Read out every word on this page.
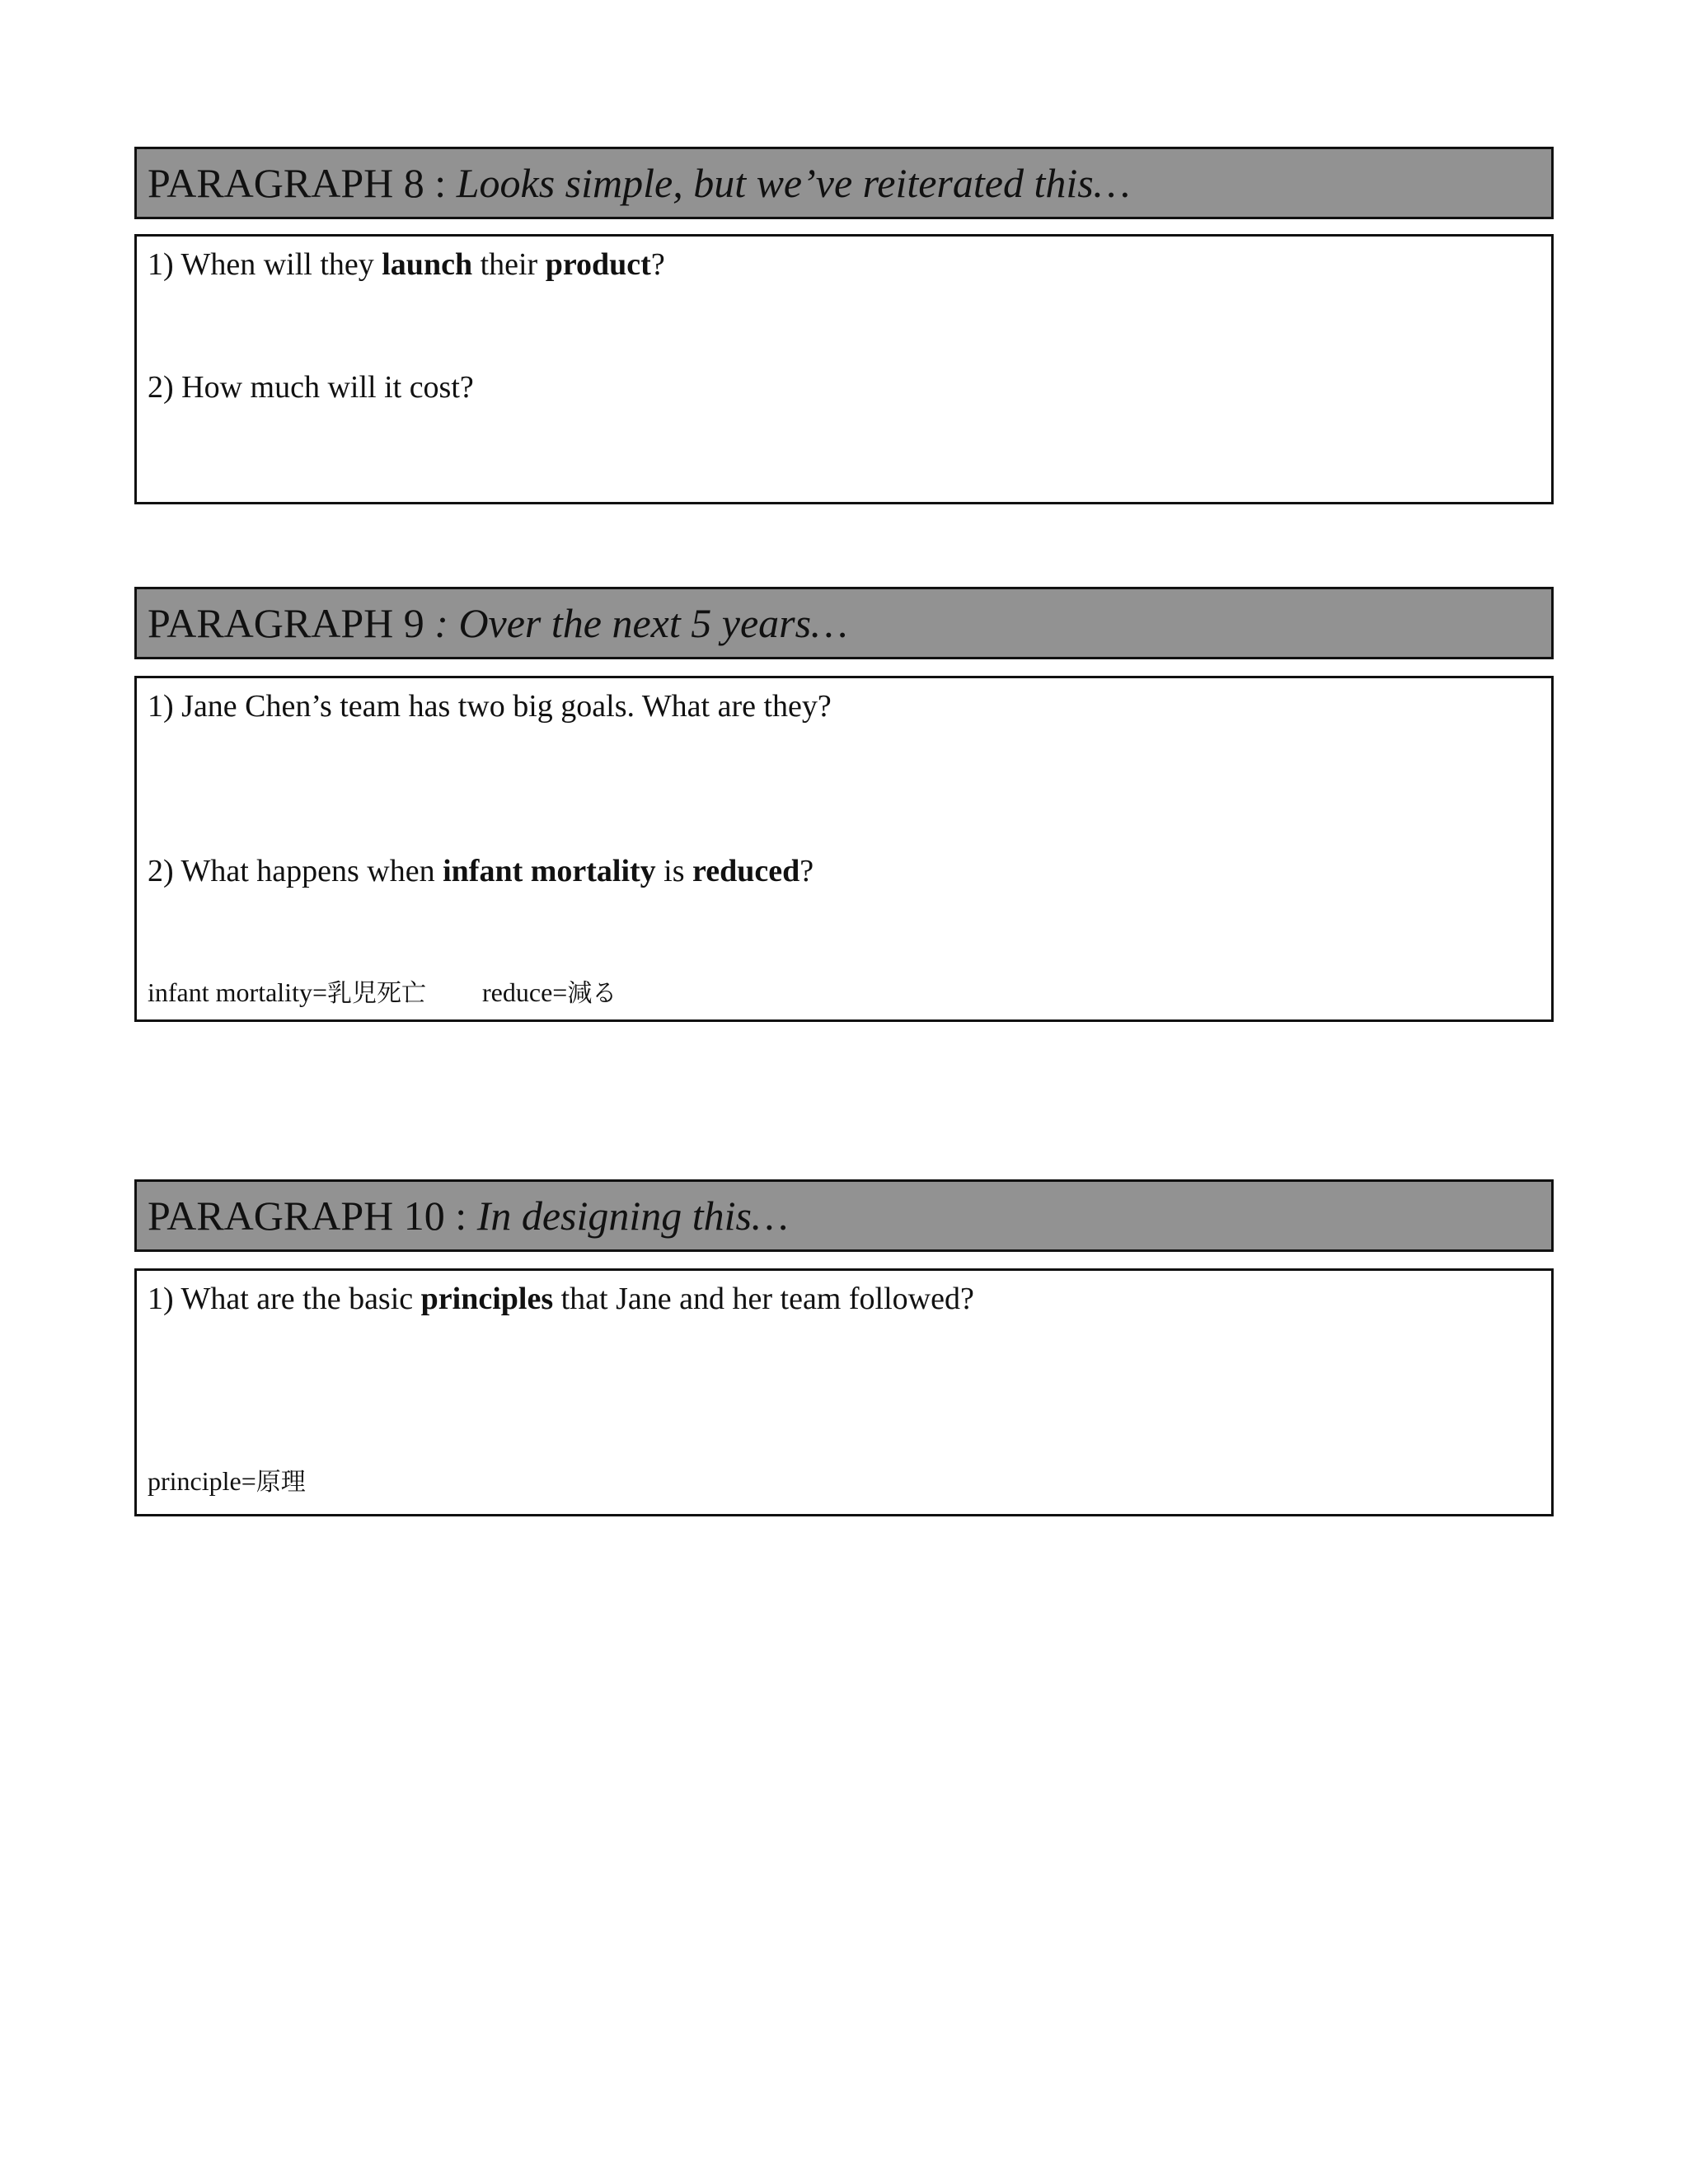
PARAGRAPH 8 : Looks simple, but we’ve reiterated this…
1) When will they launch their product?
2) How much will it cost?
PARAGRAPH 9 : Over the next 5 years…
1) Jane Chen’s team has two big goals. What are they?
2) What happens when infant mortality is reduced?
infant mortality=乳児死亡 reduce=減る
PARAGRAPH 10 : In designing this…
1) What are the basic principles that Jane and her team followed?
principle=原理
